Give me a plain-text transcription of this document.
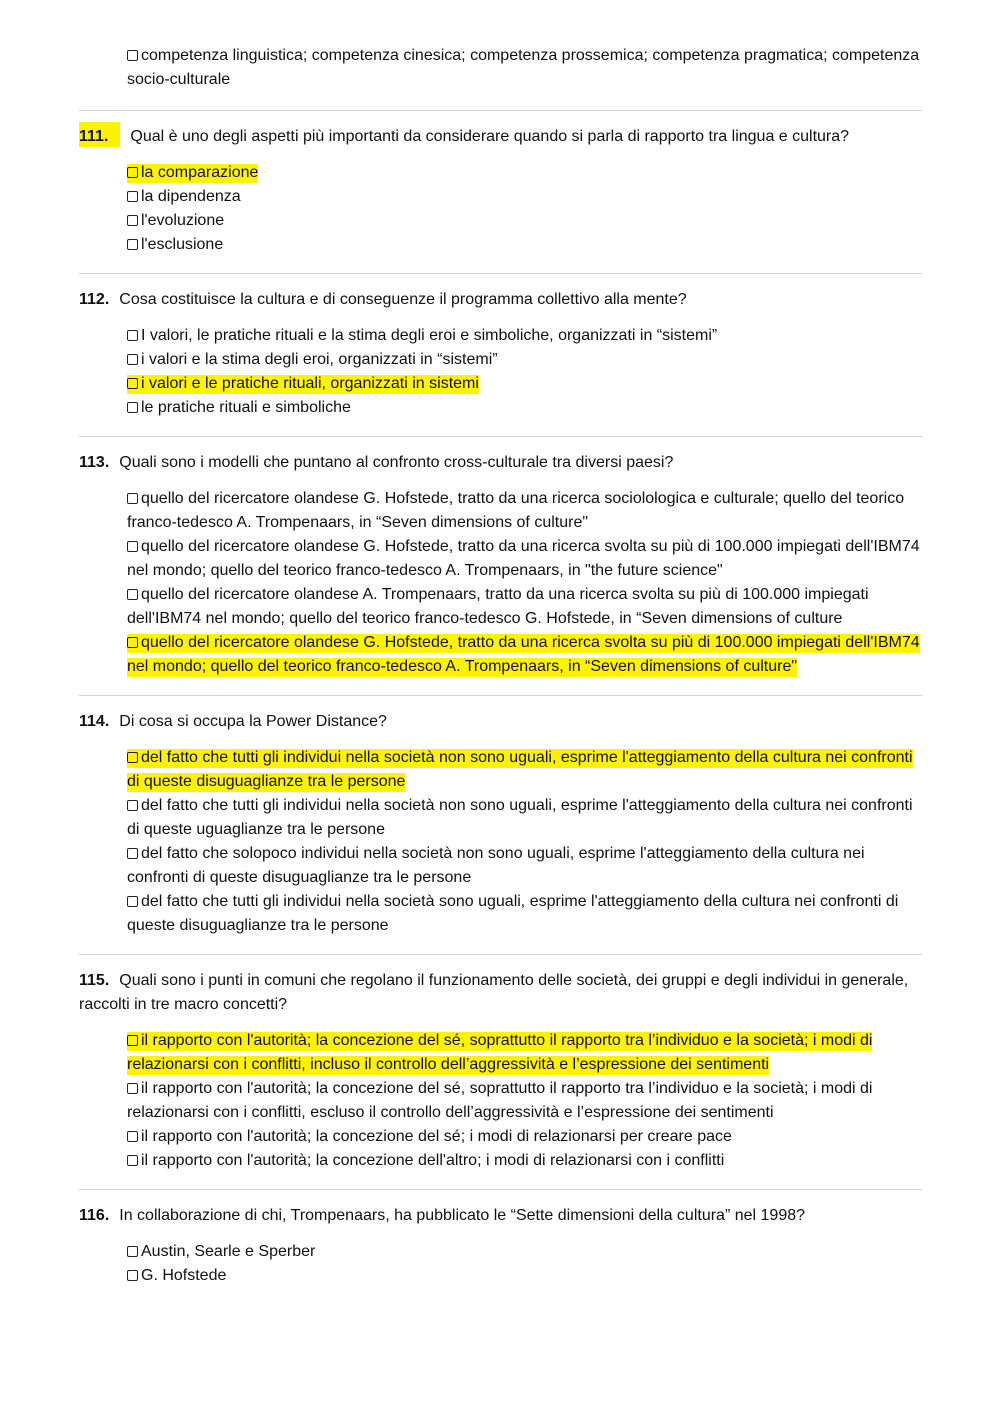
competenza linguistica; competenza cinesica; competenza prossemica; competenza pragmatica; competenza socio-culturale
111. Qual è uno degli aspetti più importanti da considerare quando si parla di rapporto tra lingua e cultura?
la comparazione
la dipendenza
l'evoluzione
l'esclusione
112. Cosa costituisce la cultura e di conseguenze il programma collettivo alla mente?
I valori, le pratiche rituali e la stima degli eroi e simboliche, organizzati in “sistemi”
i valori e la stima degli eroi, organizzati in “sistemi”
i valori e le pratiche rituali, organizzati in sistemi
le pratiche rituali e simboliche
113. Quali sono i modelli che puntano al confronto cross-culturale tra diversi paesi?
quello del ricercatore olandese G. Hofstede, tratto da una ricerca sociolologica e culturale; quello del teorico franco-tedesco A. Trompenaars, in “Seven dimensions of culture"
quello del ricercatore olandese G. Hofstede, tratto da una ricerca svolta su più di 100.000 impiegati dell'IBM74 nel mondo; quello del teorico franco-tedesco A. Trompenaars, in "the future science"
quello del ricercatore olandese A. Trompenaars, tratto da una ricerca svolta su più di 100.000 impiegati dell'IBM74 nel mondo; quello del teorico franco-tedesco G. Hofstede, in “Seven dimensions of culture
quello del ricercatore olandese G. Hofstede, tratto da una ricerca svolta su più di 100.000 impiegati dell'IBM74 nel mondo; quello del teorico franco-tedesco A. Trompenaars, in “Seven dimensions of culture"
114. Di cosa si occupa la Power Distance?
del fatto che tutti gli individui nella società non sono uguali, esprime l'atteggiamento della cultura nei confronti di queste disuguaglianze tra le persone
del fatto che tutti gli individui nella società non sono uguali, esprime l'atteggiamento della cultura nei confronti di queste uguaglianze tra le persone
del fatto che solopoco individui nella società non sono uguali, esprime l'atteggiamento della cultura nei confronti di queste disuguaglianze tra le persone
del fatto che tutti gli individui nella società sono uguali, esprime l'atteggiamento della cultura nei confronti di queste disuguaglianze tra le persone
115. Quali sono i punti in comuni che regolano il funzionamento delle società, dei gruppi e degli individui in generale, raccolti in tre macro concetti?
il rapporto con l'autorità; la concezione del sé, soprattutto il rapporto tra l’individuo e la società; i modi di relazionarsi con i conflitti, incluso il controllo dell’aggressività e l’espressione dei sentimenti
il rapporto con l'autorità; la concezione del sé, soprattutto il rapporto tra l’individuo e la società; i modi di relazionarsi con i conflitti, escluso il controllo dell’aggressività e l’espressione dei sentimenti
il rapporto con l'autorità; la concezione del sé; i modi di relazionarsi per creare pace
il rapporto con l'autorità; la concezione dell'altro; i modi di relazionarsi con i conflitti
116. In collaborazione di chi, Trompenaars, ha pubblicato le “Sette dimensioni della cultura” nel 1998?
Austin, Searle e Sperber
G. Hofstede
